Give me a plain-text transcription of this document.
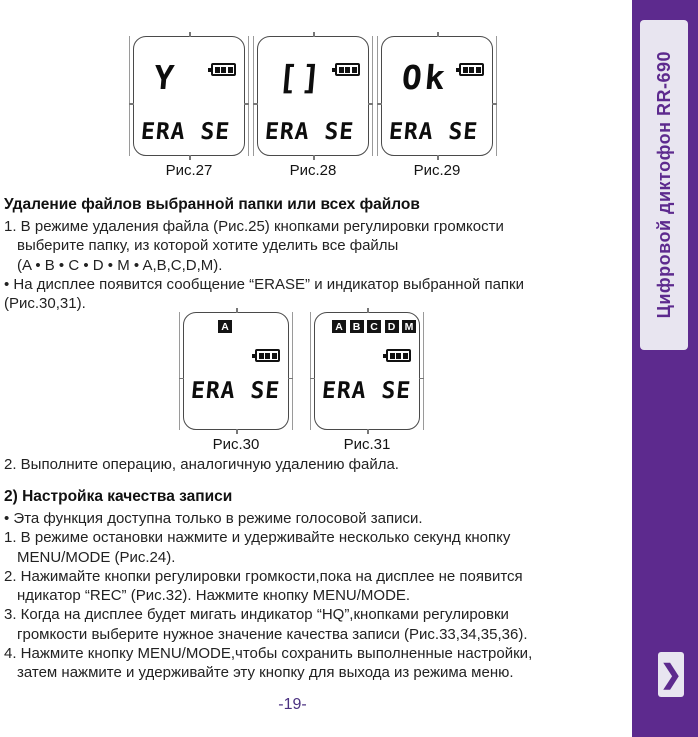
Y
ERA SE
Рис.27
[]
ERA SE
Рис.28
Ok
ERA SE
Рис.29
Удаление файлов выбранной папки или всех файлов
1. В режиме удаления файла (Рис.25) кнопками регулировки громкости
выберите папку, из которой хотите уделить все файлы
(A • B • C • D • M • A,B,C,D,M).
• На дисплее появится сообщение “ERASE” и индикатор выбранной папки
(Рис.30,31).
A
ERA SE
Рис.30
A B C D M
ERA SE
Рис.31
2. Выполните операцию, аналогичную удалению файла.
2) Настройка качества записи
• Эта функция доступна только в режиме голосовой записи.
1. В режиме остановки нажмите и удерживайте несколько секунд кнопку
MENU/MODE (Рис.24).
2. Нажимайте кнопки регулировки громкости,пока на дисплее не появится
ндикатор “REC” (Рис.32). Нажмите кнопку MENU/MODE.
3. Когда на дисплее будет мигать индикатор “HQ”,кнопками регулировки
громкости выберите нужное значение качества записи (Рис.33,34,35,36).
4. Нажмите кнопку MENU/MODE,чтобы сохранить выполненные настройки,
затем нажмите и удерживайте эту кнопку для выхода из режима меню.
-19-
Цифровой диктофон RR-690
❯
